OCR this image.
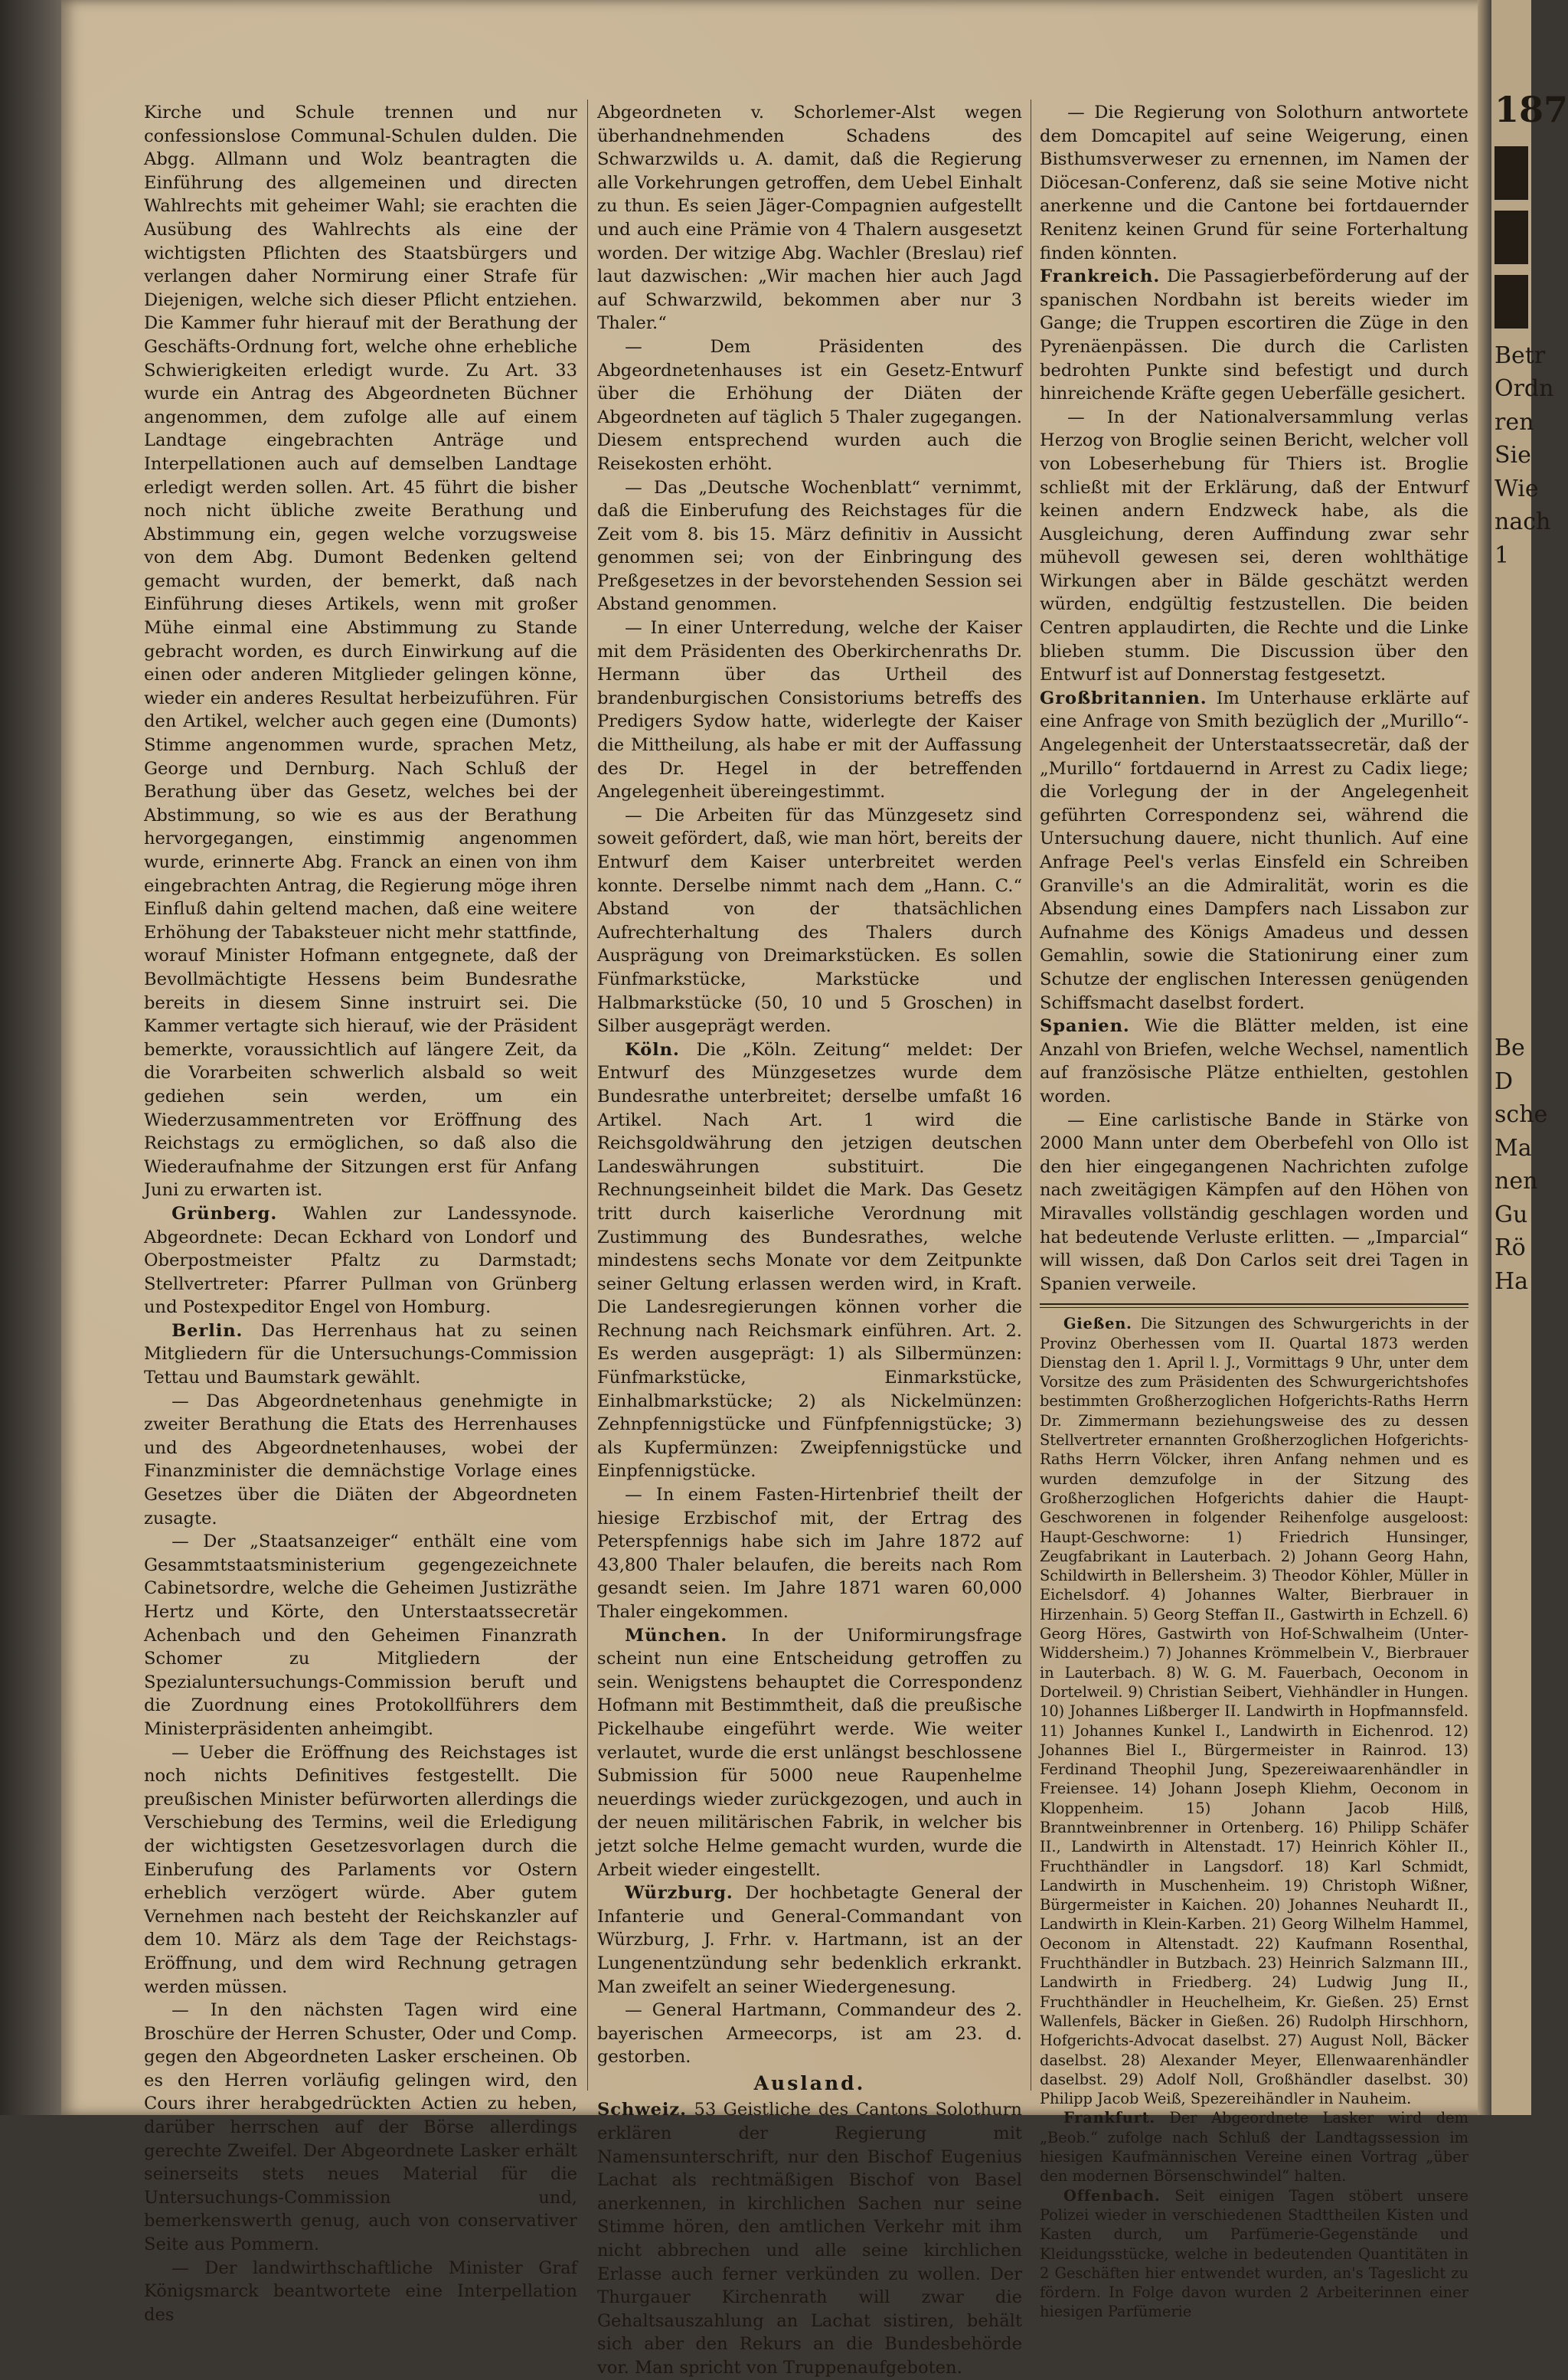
Kirche und Schule trennen und nur confessionslose Communal-Schulen dulden. Die Abgg. Allmann und Wolz beantragten die Einführung des allgemeinen und directen Wahlrechts mit geheimer Wahl; sie erachten die Ausübung des Wahlrechts als eine der wichtigsten Pflichten des Staatsbürgers und verlangen daher Normirung einer Strafe für Diejenigen, welche sich dieser Pflicht entziehen. Die Kammer fuhr hierauf mit der Berathung der Geschäfts-Ordnung fort, welche ohne erhebliche Schwierigkeiten erledigt wurde. Zu Art. 33 wurde ein Antrag des Abgeordneten Büchner angenommen, dem zufolge alle auf einem Landtage eingebrachten Anträge und Interpellationen auch auf demselben Landtage erledigt werden sollen. Art. 45 führt die bisher noch nicht übliche zweite Berathung und Abstimmung ein, gegen welche vorzugsweise von dem Abg. Dumont Bedenken geltend gemacht wurden, der bemerkt, daß nach Einführung dieses Artikels, wenn mit großer Mühe einmal eine Abstimmung zu Stande gebracht worden, es durch Einwirkung auf die einen oder anderen Mitglieder gelingen könne, wieder ein anderes Resultat herbeizuführen. Für den Artikel, welcher auch gegen eine (Dumonts) Stimme angenommen wurde, sprachen Metz, George und Dernburg. Nach Schluß der Berathung über das Gesetz, welches bei der Abstimmung, so wie es aus der Berathung hervorgegangen, einstimmig angenommen wurde, erinnerte Abg. Franck an einen von ihm eingebrachten Antrag, die Regierung möge ihren Einfluß dahin geltend machen, daß eine weitere Erhöhung der Tabaksteuer nicht mehr stattfinde, worauf Minister Hofmann entgegnete, daß der Bevollmächtigte Hessens beim Bundesrathe bereits in diesem Sinne instruirt sei. Die Kammer vertagte sich hierauf, wie der Präsident bemerkte, voraussichtlich auf längere Zeit, da die Vorarbeiten schwerlich alsbald so weit gediehen sein werden, um ein Wiederzusammentreten vor Eröffnung des Reichstags zu ermöglichen, so daß also die Wiederaufnahme der Sitzungen erst für Anfang Juni zu erwarten ist.

Grünberg. Wahlen zur Landessynode. Abgeordnete: Decan Eckhard von Londorf und Oberpostmeister Pfaltz zu Darmstadt; Stellvertreter: Pfarrer Pullman von Grünberg und Postexpeditor Engel von Homburg.

Berlin. Das Herrenhaus hat zu seinen Mitgliedern für die Untersuchungs-Commission Tettau und Baumstark gewählt.

— Das Abgeordnetenhaus genehmigte in zweiter Berathung die Etats des Herrenhauses und des Abgeordnetenhauses, wobei der Finanzminister die demnächstige Vorlage eines Gesetzes über die Diäten der Abgeordneten zusagte.

— Der „Staatsanzeiger“ enthält eine vom Gesammtstaatsministerium gegengezeichnete Cabinetsordre, welche die Geheimen Justizräthe Hertz und Körte, den Unterstaatssecretär Achenbach und den Geheimen Finanzrath Schomer zu Mitgliedern der Spezialuntersuchungs-Commission beruft und die Zuordnung eines Protokollführers dem Ministerpräsidenten anheimgibt.

— Ueber die Eröffnung des Reichstages ist noch nichts Definitives festgestellt. Die preußischen Minister befürworten allerdings die Verschiebung des Termins, weil die Erledigung der wichtigsten Gesetzesvorlagen durch die Einberufung des Parlaments vor Ostern erheblich verzögert würde. Aber gutem Vernehmen nach besteht der Reichskanzler auf dem 10. März als dem Tage der Reichstags-Eröffnung, und dem wird Rechnung getragen werden müssen.

— In den nächsten Tagen wird eine Broschüre der Herren Schuster, Oder und Comp. gegen den Abgeordneten Lasker erscheinen. Ob es den Herren vorläufig gelingen wird, den Cours ihrer herabgedrückten Actien zu heben, darüber herrschen auf der Börse allerdings gerechte Zweifel. Der Abgeordnete Lasker erhält seinerseits stets neues Material für die Untersuchungs-Commission und, bemerkenswerth genug, auch von conservativer Seite aus Pommern.

— Der landwirthschaftliche Minister Graf Königsmarck beantwortete eine Interpellation des

Abgeordneten v. Schorlemer-Alst wegen überhandnehmenden Schadens des Schwarzwilds u. A. damit, daß die Regierung alle Vorkehrungen getroffen, dem Uebel Einhalt zu thun. Es seien Jäger-Compagnien aufgestellt und auch eine Prämie von 4 Thalern ausgesetzt worden. Der witzige Abg. Wachler (Breslau) rief laut dazwischen: „Wir machen hier auch Jagd auf Schwarzwild, bekommen aber nur 3 Thaler.“

— Dem Präsidenten des Abgeordnetenhauses ist ein Gesetz-Entwurf über die Erhöhung der Diäten der Abgeordneten auf täglich 5 Thaler zugegangen. Diesem entsprechend wurden auch die Reisekosten erhöht.

— Das „Deutsche Wochenblatt“ vernimmt, daß die Einberufung des Reichstages für die Zeit vom 8. bis 15. März definitiv in Aussicht genommen sei; von der Einbringung des Preßgesetzes in der bevorstehenden Session sei Abstand genommen.

— In einer Unterredung, welche der Kaiser mit dem Präsidenten des Oberkirchenraths Dr. Hermann über das Urtheil des brandenburgischen Consistoriums betreffs des Predigers Sydow hatte, widerlegte der Kaiser die Mittheilung, als habe er mit der Auffassung des Dr. Hegel in der betreffenden Angelegenheit übereingestimmt.

— Die Arbeiten für das Münzgesetz sind soweit gefördert, daß, wie man hört, bereits der Entwurf dem Kaiser unterbreitet werden konnte. Derselbe nimmt nach dem „Hann. C.“ Abstand von der thatsächlichen Aufrechterhaltung des Thalers durch Ausprägung von Dreimarkstücken. Es sollen Fünfmarkstücke, Markstücke und Halbmarkstücke (50, 10 und 5 Groschen) in Silber ausgeprägt werden.

Köln. Die „Köln. Zeitung“ meldet: Der Entwurf des Münzgesetzes wurde dem Bundesrathe unterbreitet; derselbe umfaßt 16 Artikel. Nach Art. 1 wird die Reichsgoldwährung den jetzigen deutschen Landeswährungen substituirt. Die Rechnungseinheit bildet die Mark. Das Gesetz tritt durch kaiserliche Verordnung mit Zustimmung des Bundesrathes, welche mindestens sechs Monate vor dem Zeitpunkte seiner Geltung erlassen werden wird, in Kraft. Die Landesregierungen können vorher die Rechnung nach Reichsmark einführen. Art. 2. Es werden ausgeprägt: 1) als Silbermünzen: Fünfmarkstücke, Einmarkstücke, Einhalbmarkstücke; 2) als Nickelmünzen: Zehnpfennigstücke und Fünfpfennigstücke; 3) als Kupfermünzen: Zweipfennigstücke und Einpfennigstücke.

— In einem Fasten-Hirtenbrief theilt der hiesige Erzbischof mit, der Ertrag des Peterspfennigs habe sich im Jahre 1872 auf 43,800 Thaler belaufen, die bereits nach Rom gesandt seien. Im Jahre 1871 waren 60,000 Thaler eingekommen.

München. In der Uniformirungsfrage scheint nun eine Entscheidung getroffen zu sein. Wenigstens behauptet die Correspondenz Hofmann mit Bestimmtheit, daß die preußische Pickelhaube eingeführt werde. Wie weiter verlautet, wurde die erst unlängst beschlossene Submission für 5000 neue Raupenhelme neuerdings wieder zurückgezogen, und auch in der neuen militärischen Fabrik, in welcher bis jetzt solche Helme gemacht wurden, wurde die Arbeit wieder eingestellt.

Würzburg. Der hochbetagte General der Infanterie und General-Commandant von Würzburg, J. Frhr. v. Hartmann, ist an der Lungenentzündung sehr bedenklich erkrankt. Man zweifelt an seiner Wiedergenesung.

— General Hartmann, Commandeur des 2. bayerischen Armeecorps, ist am 23. d. gestorben.

Ausland.

Schweiz. 53 Geistliche des Cantons Solothurn erklären der Regierung mit Namensunterschrift, nur den Bischof Eugenius Lachat als rechtmäßigen Bischof von Basel anerkennen, in kirchlichen Sachen nur seine Stimme hören, den amtlichen Verkehr mit ihm nicht abbrechen und alle seine kirchlichen Erlasse auch ferner verkünden zu wollen. Der Thurgauer Kirchenrath will zwar die Gehaltsauszahlung an Lachat sistiren, behält sich aber den Rekurs an die Bundesbehörde vor. Man spricht von Truppenaufgeboten.

— Die Regierung von Solothurn antwortete dem Domcapitel auf seine Weigerung, einen Bisthumsverweser zu ernennen, im Namen der Diöcesan-Conferenz, daß sie seine Motive nicht anerkenne und die Cantone bei fortdauernder Renitenz keinen Grund für seine Forterhaltung finden könnten.

Frankreich. Die Passagierbeförderung auf der spanischen Nordbahn ist bereits wieder im Gange; die Truppen escortiren die Züge in den Pyrenäenpässen. Die durch die Carlisten bedrohten Punkte sind befestigt und durch hinreichende Kräfte gegen Ueberfälle gesichert.

— In der Nationalversammlung verlas Herzog von Broglie seinen Bericht, welcher voll von Lobeserhebung für Thiers ist. Broglie schließt mit der Erklärung, daß der Entwurf keinen andern Endzweck habe, als die Ausgleichung, deren Auffindung zwar sehr mühevoll gewesen sei, deren wohlthätige Wirkungen aber in Bälde geschätzt werden würden, endgültig festzustellen. Die beiden Centren applaudirten, die Rechte und die Linke blieben stumm. Die Discussion über den Entwurf ist auf Donnerstag festgesetzt.

Großbritannien. Im Unterhause erklärte auf eine Anfrage von Smith bezüglich der „Murillo“-Angelegenheit der Unterstaatssecretär, daß der „Murillo“ fortdauernd in Arrest zu Cadix liege; die Vorlegung der in der Angelegenheit geführten Correspondenz sei, während die Untersuchung dauere, nicht thunlich. Auf eine Anfrage Peel's verlas Einsfeld ein Schreiben Granville's an die Admiralität, worin es die Absendung eines Dampfers nach Lissabon zur Aufnahme des Königs Amadeus und dessen Gemahlin, sowie die Stationirung einer zum Schutze der englischen Interessen genügenden Schiffsmacht daselbst fordert.

Spanien. Wie die Blätter melden, ist eine Anzahl von Briefen, welche Wechsel, namentlich auf französische Plätze enthielten, gestohlen worden.

— Eine carlistische Bande in Stärke von 2000 Mann unter dem Oberbefehl von Ollo ist den hier eingegangenen Nachrichten zufolge nach zweitägigen Kämpfen auf den Höhen von Miravalles vollständig geschlagen worden und hat bedeutende Verluste erlitten. — „Imparcial“ will wissen, daß Don Carlos seit drei Tagen in Spanien verweile.

Gießen. Die Sitzungen des Schwurgerichts in der Provinz Oberhessen vom II. Quartal 1873 werden Dienstag den 1. April l. J., Vormittags 9 Uhr, unter dem Vorsitze des zum Präsidenten des Schwurgerichtshofes bestimmten Großherzoglichen Hofgerichts-Raths Herrn Dr. Zimmermann beziehungsweise des zu dessen Stellvertreter ernannten Großherzoglichen Hofgerichts-Raths Herrn Völcker, ihren Anfang nehmen und es wurden demzufolge in der Sitzung des Großherzoglichen Hofgerichts dahier die Haupt-Geschworenen in folgender Reihenfolge ausgeloost: Haupt-Geschworne: 1) Friedrich Hunsinger, Zeugfabrikant in Lauterbach. 2) Johann Georg Hahn, Schildwirth in Bellersheim. 3) Theodor Köhler, Müller in Eichelsdorf. 4) Johannes Walter, Bierbrauer in Hirzenhain. 5) Georg Steffan II., Gastwirth in Echzell. 6) Georg Höres, Gastwirth von Hof-Schwalheim (Unter-Widdersheim.) 7) Johannes Krömmelbein V., Bierbrauer in Lauterbach. 8) W. G. M. Fauerbach, Oeconom in Dortelweil. 9) Christian Seibert, Viehhändler in Hungen. 10) Johannes Lißberger II. Landwirth in Hopfmannsfeld. 11) Johannes Kunkel I., Landwirth in Eichenrod. 12) Johannes Biel I., Bürgermeister in Rainrod. 13) Ferdinand Theophil Jung, Spezereiwaarenhändler in Freiensee. 14) Johann Joseph Kliehm, Oeconom in Kloppenheim. 15) Johann Jacob Hilß, Branntweinbrenner in Ortenberg. 16) Philipp Schäfer II., Landwirth in Altenstadt. 17) Heinrich Köhler II., Fruchthändler in Langsdorf. 18) Karl Schmidt, Landwirth in Muschenheim. 19) Christoph Wißner, Bürgermeister in Kaichen. 20) Johannes Neuhardt II., Landwirth in Klein-Karben. 21) Georg Wilhelm Hammel, Oeconom in Altenstadt. 22) Kaufmann Rosenthal, Fruchthändler in Butzbach. 23) Heinrich Salzmann III., Landwirth in Friedberg. 24) Ludwig Jung II., Fruchthändler in Heuchelheim, Kr. Gießen. 25) Ernst Wallenfels, Bäcker in Gießen. 26) Rudolph Hirschhorn, Hofgerichts-Advocat daselbst. 27) August Noll, Bäcker daselbst. 28) Alexander Meyer, Ellenwaarenhändler daselbst. 29) Adolf Noll, Großhändler daselbst. 30) Philipp Jacob Weiß, Spezereihändler in Nauheim.

Frankfurt. Der Abgeordnete Lasker wird dem „Beob.“ zufolge nach Schluß der Landtagssession im hiesigen Kaufmännischen Vereine einen Vortrag „über den modernen Börsenschwindel“ halten.

Offenbach. Seit einigen Tagen stöbert unsere Polizei wieder in verschiedenen Stadttheilen Kisten und Kasten durch, um Parfümerie-Gegenstände und Kleidungsstücke, welche in bedeutenden Quantitäten in 2 Geschäften hier entwendet wurden, an's Tageslicht zu fördern. In Folge davon wurden 2 Arbeiterinnen einer hiesigen Parfümerie

187
Betr
Ordn
ren
Sie
Wie
nach
1
Be
D
sche
Ma
nen
Gu
Rö
Ha
